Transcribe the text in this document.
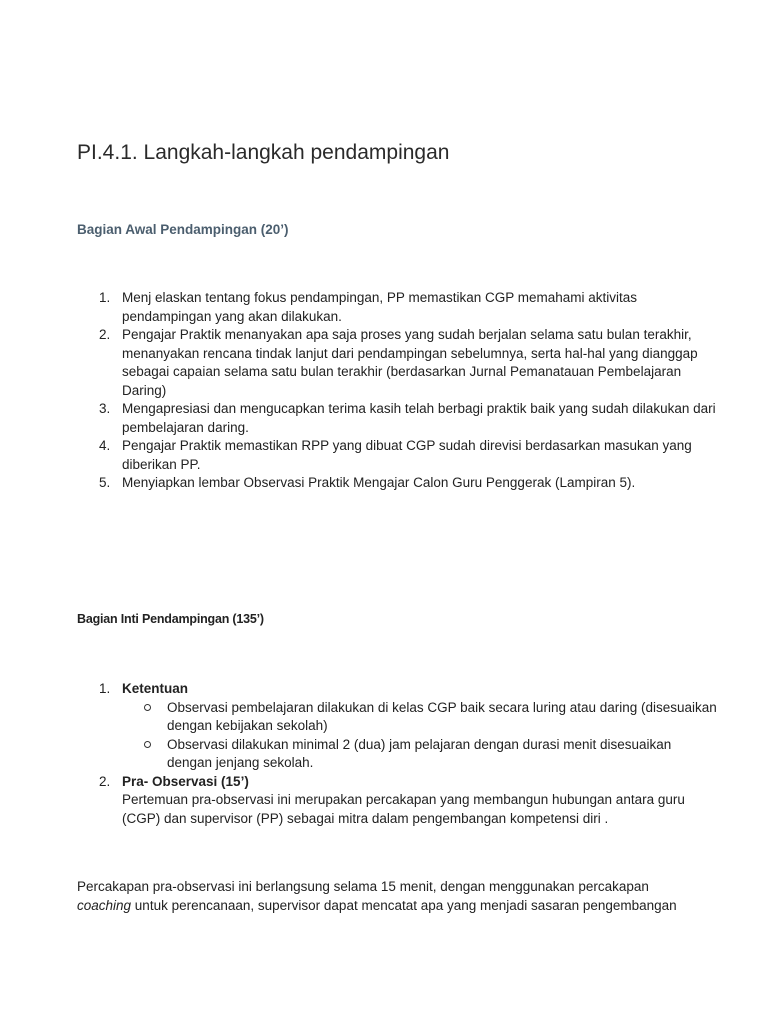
PI.4.1. Langkah-langkah pendampingan
Bagian Awal Pendampingan (20’)
1. Menj elaskan tentang fokus pendampingan, PP memastikan CGP memahami aktivitas pendampingan yang akan dilakukan.
2. Pengajar Praktik menanyakan apa saja proses yang sudah berjalan selama satu bulan terakhir, menanyakan rencana tindak lanjut dari pendampingan sebelumnya, serta hal-hal yang dianggap sebagai capaian selama satu bulan terakhir (berdasarkan Jurnal Pemanatauan Pembelajaran Daring)
3. Mengapresiasi dan mengucapkan terima kasih telah berbagi praktik baik yang sudah dilakukan dari pembelajaran daring.
4. Pengajar Praktik memastikan RPP yang dibuat CGP sudah direvisi berdasarkan masukan yang diberikan PP.
5. Menyiapkan lembar Observasi Praktik Mengajar Calon Guru Penggerak (Lampiran 5).
Bagian Inti Pendampingan (135’)
1. Ketentuan
Observasi pembelajaran dilakukan di kelas CGP baik secara luring atau daring (disesuaikan dengan kebijakan sekolah)
Observasi dilakukan minimal 2 (dua) jam pelajaran dengan durasi menit disesuaikan dengan jenjang sekolah.
2. Pra- Observasi (15’)
Pertemuan pra-observasi ini merupakan percakapan yang membangun hubungan antara guru (CGP) dan supervisor (PP) sebagai mitra dalam pengembangan kompetensi diri .

Percakapan pra-observasi ini berlangsung selama 15 menit, dengan menggunakan percakapan
coaching untuk perencanaan, supervisor dapat mencatat apa yang menjadi sasaran pengembangan
